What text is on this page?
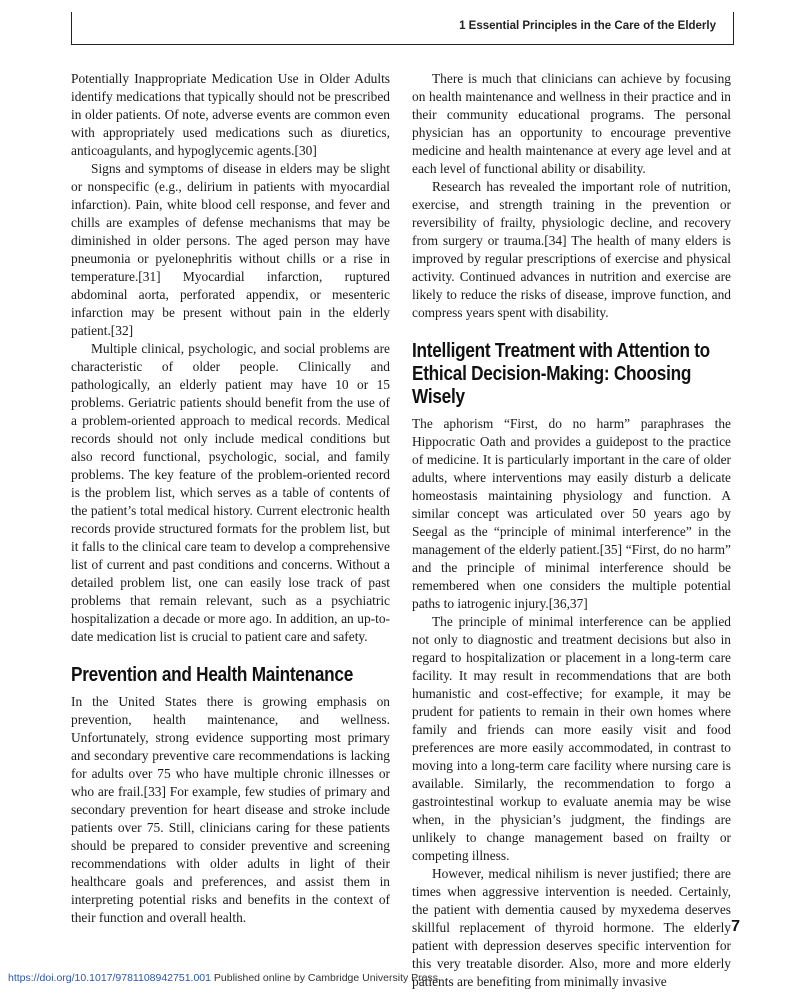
1 Essential Principles in the Care of the Elderly

Potentially Inappropriate Medication Use in Older Adults identify medications that typically should not be prescribed in older patients. Of note, adverse events are common even with appropriately used medications such as diuretics, anticoagulants, and hypoglycemic agents.[30]

Signs and symptoms of disease in elders may be slight or nonspecific (e.g., delirium in patients with myocardial infarction). Pain, white blood cell response, and fever and chills are examples of defense mechanisms that may be diminished in older persons. The aged person may have pneumonia or pyelonephritis without chills or a rise in temperature.[31] Myocardial infarction, ruptured abdominal aorta, perforated appendix, or mesenteric infarction may be present without pain in the elderly patient.[32]

Multiple clinical, psychologic, and social problems are characteristic of older people. Clinically and pathologically, an elderly patient may have 10 or 15 problems. Geriatric patients should benefit from the use of a problem-oriented approach to medical records. Medical records should not only include medical conditions but also record functional, psychologic, social, and family problems. The key feature of the problem-oriented record is the problem list, which serves as a table of contents of the patient’s total medical history. Current electronic health records provide structured formats for the problem list, but it falls to the clinical care team to develop a comprehensive list of current and past conditions and concerns. Without a detailed problem list, one can easily lose track of past problems that remain relevant, such as a psychiatric hospitalization a decade or more ago. In addition, an up-to-date medication list is crucial to patient care and safety.

Prevention and Health Maintenance

In the United States there is growing emphasis on prevention, health maintenance, and wellness. Unfortunately, strong evidence supporting most primary and secondary preventive care recommendations is lacking for adults over 75 who have multiple chronic illnesses or who are frail.[33] For example, few studies of primary and secondary prevention for heart disease and stroke include patients over 75. Still, clinicians caring for these patients should be prepared to consider preventive and screening recommendations with older adults in light of their healthcare goals and preferences, and assist them in interpreting potential risks and benefits in the context of their function and overall health.

There is much that clinicians can achieve by focusing on health maintenance and wellness in their practice and in their community educational programs. The personal physician has an opportunity to encourage preventive medicine and health maintenance at every age level and at each level of functional ability or disability.

Research has revealed the important role of nutrition, exercise, and strength training in the prevention or reversibility of frailty, physiologic decline, and recovery from surgery or trauma.[34] The health of many elders is improved by regular prescriptions of exercise and physical activity. Continued advances in nutrition and exercise are likely to reduce the risks of disease, improve function, and compress years spent with disability.

Intelligent Treatment with Attention to Ethical Decision-Making: Choosing Wisely

The aphorism “First, do no harm” paraphrases the Hippocratic Oath and provides a guidepost to the practice of medicine. It is particularly important in the care of older adults, where interventions may easily disturb a delicate homeostasis maintaining physiology and function. A similar concept was articulated over 50 years ago by Seegal as the “principle of minimal interference” in the management of the elderly patient.[35] “First, do no harm” and the principle of minimal interference should be remembered when one considers the multiple potential paths to iatrogenic injury.[36,37]

The principle of minimal interference can be applied not only to diagnostic and treatment decisions but also in regard to hospitalization or placement in a long-term care facility. It may result in recommendations that are both humanistic and cost-effective; for example, it may be prudent for patients to remain in their own homes where family and friends can more easily visit and food preferences are more easily accommodated, in contrast to moving into a long-term care facility where nursing care is available. Similarly, the recommendation to forgo a gastrointestinal workup to evaluate anemia may be wise when, in the physician’s judgment, the findings are unlikely to change management based on frailty or competing illness.

However, medical nihilism is never justified; there are times when aggressive intervention is needed. Certainly, the patient with dementia caused by myxedema deserves skillful replacement of thyroid hormone. The elderly patient with depression deserves specific intervention for this very treatable disorder. Also, more and more elderly patients are benefiting from minimally invasive

7
https://doi.org/10.1017/9781108942751.001 Published online by Cambridge University Press
